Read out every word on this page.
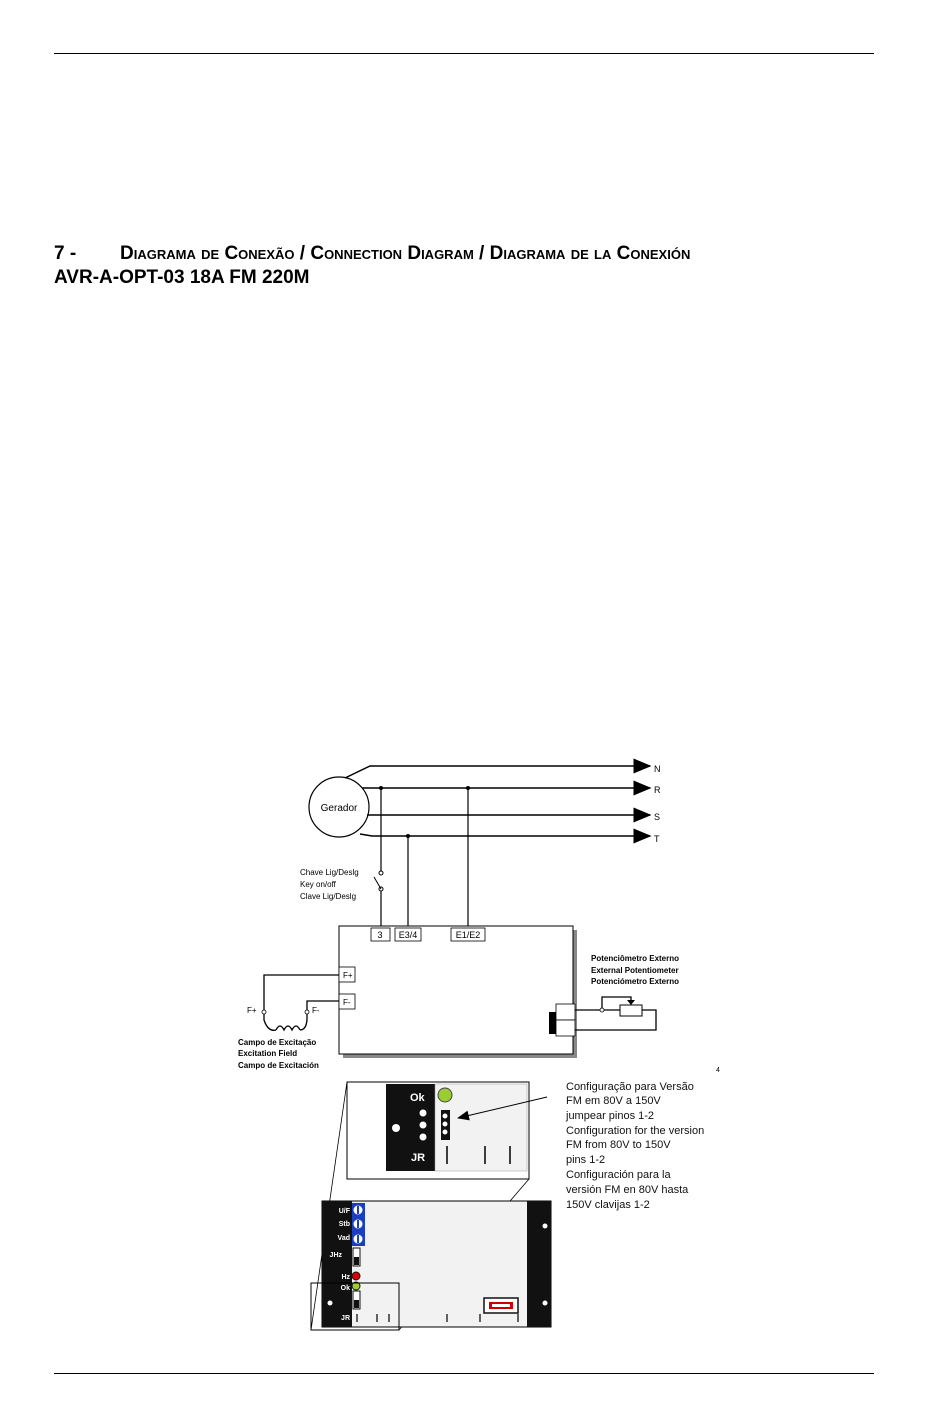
7 - Diagrama de Conexão / Connection Diagram / Diagrama de la Conexión
AVR-A-OPT-03 18A FM 220M
Gerador
N
R
S
T
Chave Lig/Deslg
Key on/off
Clave Lig/Deslg
3 E3/4	E1/E2
F+
F-
F+	F-
Campo de Excitação
Excitation Field
Campo de Excitación
Potenciômetro Externo
External Potentiometer
Potenciómetro Externo
4
Ok
JR
Configuração para Versão
FM em 80V a 150V
jumpear pinos 1-2
Configuration for the version
FM from 80V to 150V
pins 1-2
Configuración para la
versión FM en 80V hasta
150V clavijas 1-2
U/F
Stb
Vad
JHz
Hz
Ok
JR
